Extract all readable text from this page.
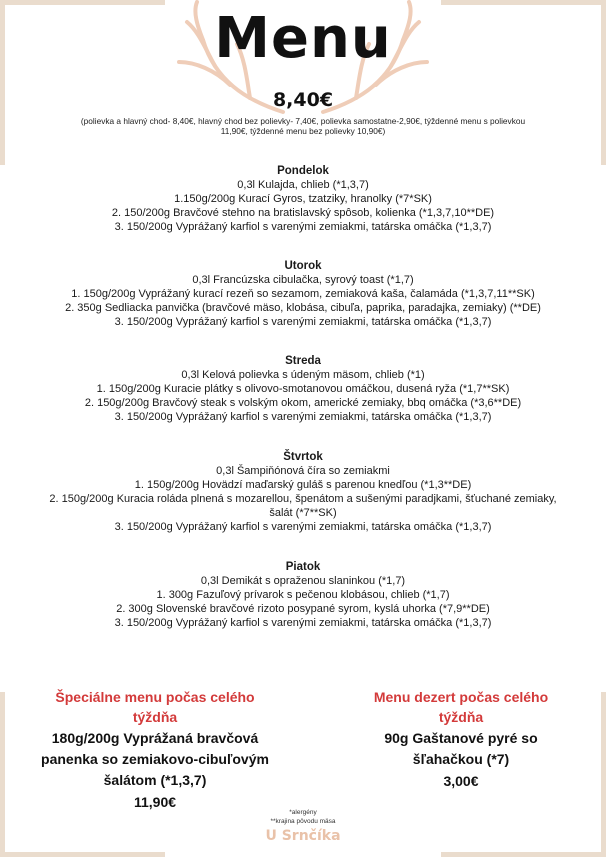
Menu
8,40€
(polievka a hlavný chod- 8,40€, hlavný chod bez polievky- 7,40€, polievka samostatne-2,90€, týždenné menu s polievkou 11,90€, týždenné menu bez polievky 10,90€)
Pondelok
0,3l Kulajda, chlieb (*1,3,7)
1.150g/200g Kurací Gyros, tzatziky, hranolky (*7*SK)
2. 150/200g Bravčové stehno na bratislavský spôsob, kolienka (*1,3,7,10**DE)
3. 150/200g Vyprážaný karfiol s varenými zemiakmi, tatárska omáčka (*1,3,7)
Utorok
0,3l Francúzska cibulačka, syrový toast (*1,7)
1. 150g/200g Vyprážaný kurací rezeň so sezamom, zemiaková kaša, čalamáda (*1,3,7,11**SK)
2. 350g Sedliacka panvička (bravčové mäso, klobása, cibuľa, paprika, paradajka, zemiaky) (**DE)
3. 150/200g Vyprážaný karfiol s varenými zemiakmi, tatárska omáčka (*1,3,7)
Streda
0,3l Kelová polievka s údeným mäsom, chlieb (*1)
1. 150g/200g Kuracie plátky s olivovo-smotanovou omáčkou, dusená ryža (*1,7**SK)
2. 150g/200g Bravčový steak s volským okom, americké zemiaky, bbq omáčka (*3,6**DE)
3. 150/200g Vyprážaný karfiol s varenými zemiakmi, tatárska omáčka (*1,3,7)
Štvrtok
0,3l Šampiňónová číra so zemiakmi
1. 150g/200g Hovädzí maďarský guláš s parenou knedľou (*1,3**DE)
2. 150g/200g Kuracia roláda plnená s mozarellou, špenátom a sušenými paradjkami, šťuchané zemiaky, šalát (*7**SK)
3. 150/200g Vyprážaný karfiol s varenými zemiakmi, tatárska omáčka (*1,3,7)
Piatok
0,3l Demikát s opraženou slaninkou (*1,7)
1. 300g Fazuľový prívarok s pečenou klobásou, chlieb (*1,7)
2. 300g Slovenské bravčové rizoto posypané syrom, kyslá uhorka (*7,9**DE)
3. 150/200g Vyprážaný karfiol s varenými zemiakmi, tatárska omáčka (*1,3,7)
Špeciálne menu počas celého týždňa
180g/200g Vyprážaná bravčová panenka so zemiakovo-cibuľovým šalátom (*1,3,7)
11,90€
Menu dezert počas celého týždňa
90g Gaštanové pyré so šľahačkou (*7)
3,00€
*alergény
**krajina pôvodu mäsa
U Srnčíka
